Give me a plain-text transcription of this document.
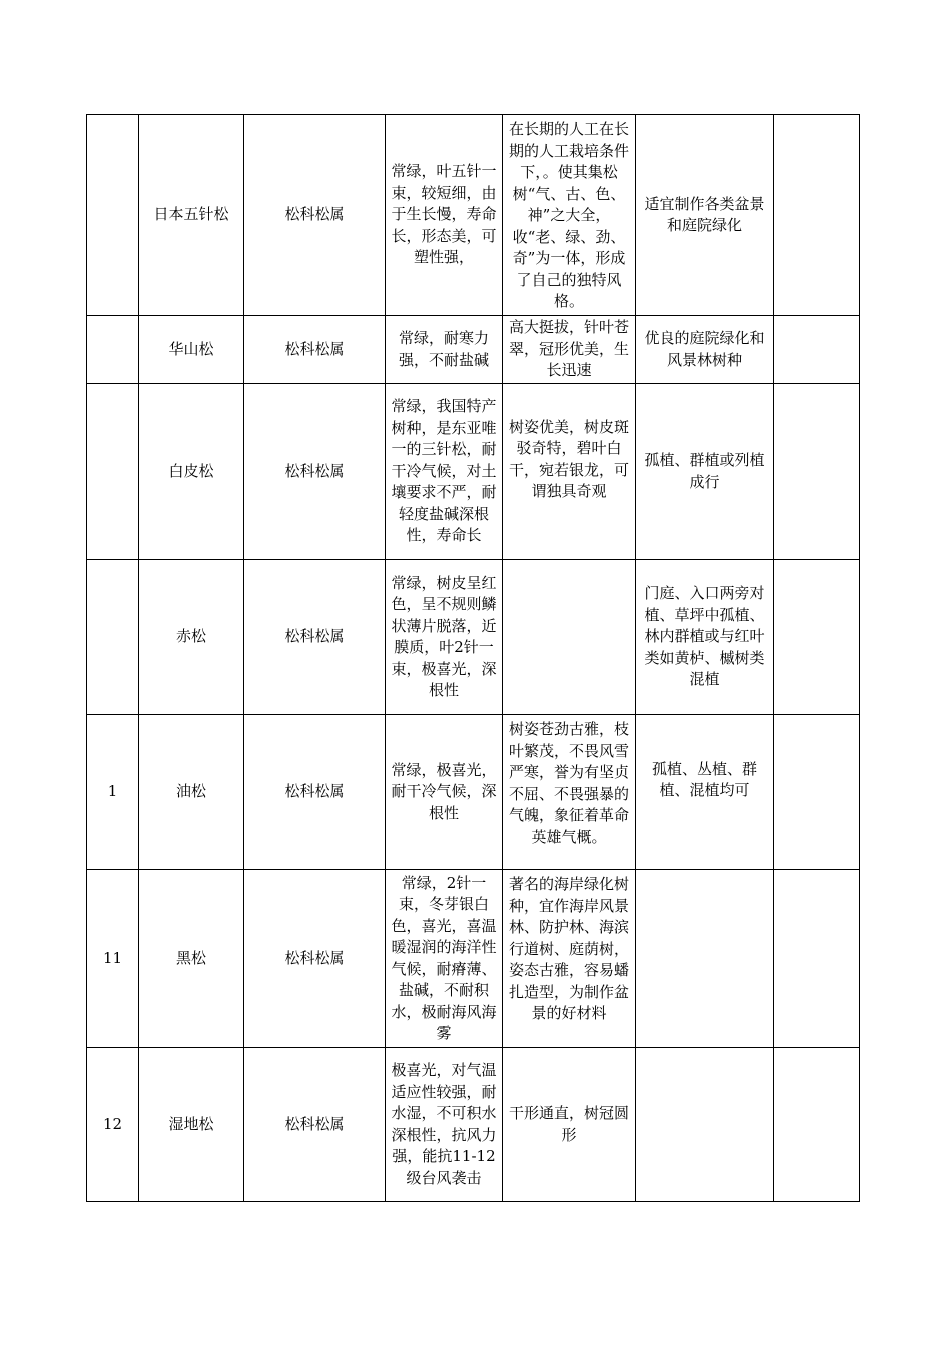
	日本五针松	松科松属	常绿，叶五针一束，较短细，由于生长慢，寿命长，形态美，可塑性强，	在长期的人工在长期的人工栽培条件下，。使其集松树“气、古、色、神”之大全，收“老、绿、劲、奇”为一体，形成了自己的独特风格。	适宜制作各类盆景和庭院绿化	
	华山松	松科松属	常绿，耐寒力强，不耐盐碱	高大挺拔，针叶苍翠，冠形优美，生长迅速	优良的庭院绿化和风景林树种	
	白皮松	松科松属	常绿，我国特产树种，是东亚唯一的三针松，耐干冷气候，对土壤要求不严，耐轻度盐碱深根性，寿命长	树姿优美，树皮斑驳奇特，碧叶白干，宛若银龙，可谓独具奇观	孤植、群植或列植成行	
	赤松	松科松属	常绿，树皮呈红色，呈不规则鳞状薄片脱落，近膜质，叶2针一束，极喜光，深根性		门庭、入口两旁对植、草坪中孤植、林内群植或与红叶类如黄栌、槭树类混植	
1	油松	松科松属	常绿，极喜光，耐干冷气候，深根性	树姿苍劲古雅，枝叶繁茂，不畏风雪严寒，誉为有坚贞不屈、不畏强暴的气魄，象征着革命英雄气概。	孤植、丛植、群植、混植均可	
11	黑松	松科松属	常绿，2针一束，冬芽银白色，喜光，喜温暖湿润的海洋性气候，耐瘠薄、盐碱，不耐积水，极耐海风海雾	著名的海岸绿化树种，宜作海岸风景林、防护林、海滨行道树、庭荫树，姿态古雅，容易蟠扎造型，为制作盆景的好材料		
12	湿地松	松科松属	极喜光，对气温适应性较强，耐水湿，不可积水深根性，抗风力强，能抗11-12级台风袭击	干形通直，树冠圆形		
